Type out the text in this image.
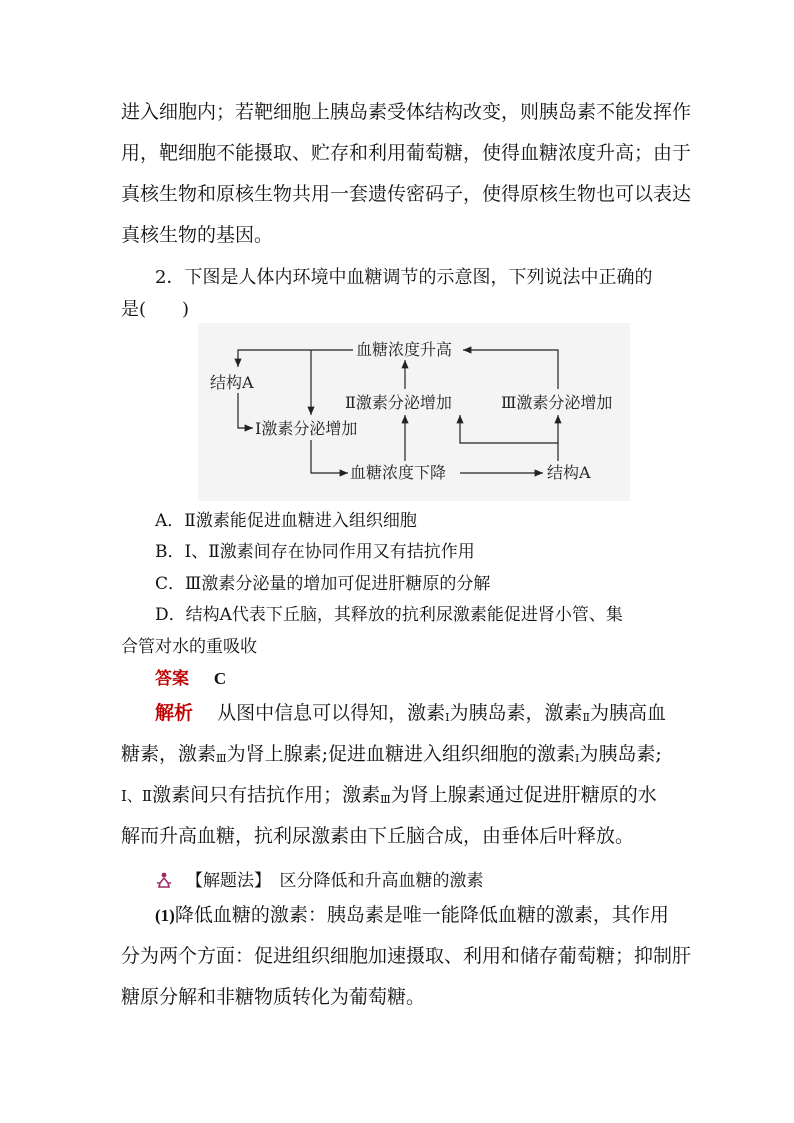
进入细胞内；若靶细胞上胰岛素受体结构改变，则胰岛素不能发挥作
用，靶细胞不能摄取、贮存和利用葡萄糖，使得血糖浓度升高；由于
真核生物和原核生物共用一套遗传密码子，使得原核生物也可以表达
真核生物的基因。
2．下图是人体内环境中血糖调节的示意图，下列说法中正确的
是(　　)
血糖浓度升高
结构A
Ⅱ激素分泌增加	Ⅲ激素分泌增加
Ⅰ激素分泌增加
血糖浓度下降	结构A
A．Ⅱ激素能促进血糖进入组织细胞
B．Ⅰ、Ⅱ激素间存在协同作用又有拮抗作用
C．Ⅲ激素分泌量的增加可促进肝糖原的分解
D．结构A代表下丘脑，其释放的抗利尿激素能促进肾小管、集
合管对水的重吸收
答案 C
解析 从图中信息可以得知，激素Ⅰ为胰岛素，激素Ⅱ为胰高血
糖素，激素Ⅲ为肾上腺素;促进血糖进入组织细胞的激素Ⅰ为胰岛素;
Ⅰ、Ⅱ激素间只有拮抗作用；激素Ⅲ为肾上腺素通过促进肝糖原的水
解而升高血糖，抗利尿激素由下丘脑合成，由垂体后叶释放。
【解题法】　区分降低和升高血糖的激素
(1)降低血糖的激素：胰岛素是唯一能降低血糖的激素，其作用
分为两个方面：促进组织细胞加速摄取、利用和储存葡萄糖；抑制肝
糖原分解和非糖物质转化为葡萄糖。
